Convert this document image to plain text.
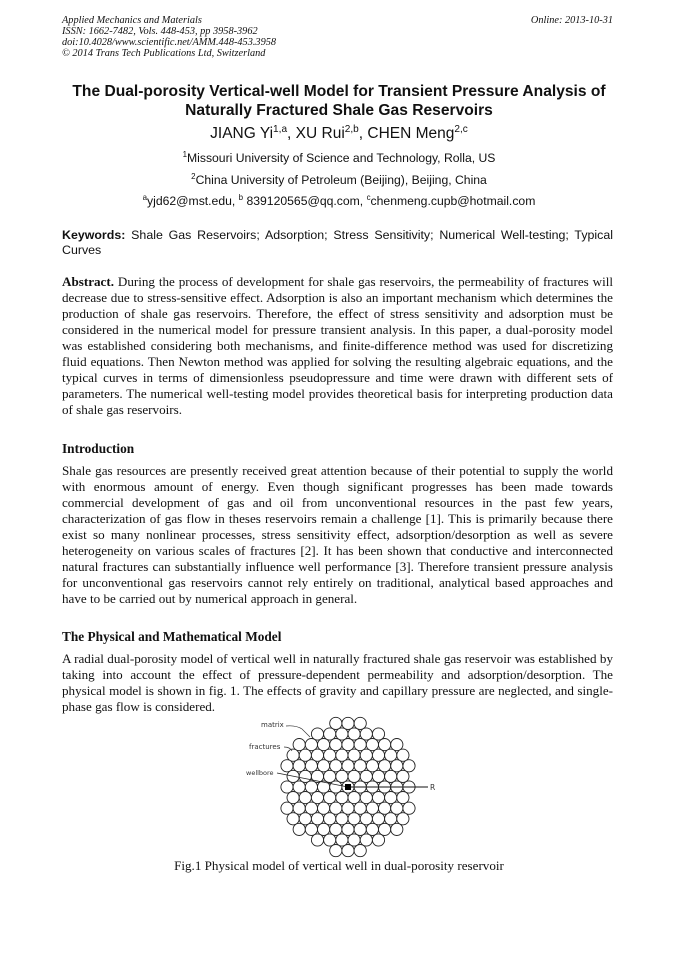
Applied Mechanics and Materials
ISSN: 1662-7482, Vols. 448-453, pp 3958-3962
doi:10.4028/www.scientific.net/AMM.448-453.3958
© 2014 Trans Tech Publications Ltd, Switzerland
Online: 2013-10-31
The Dual-porosity Vertical-well Model for Transient Pressure Analysis of Naturally Fractured Shale Gas Reservoirs
JIANG Yi$^{1,a}$, XU Rui$^{2,b}$, CHEN Meng$^{2,c}$
$^1$Missouri University of Science and Technology, Rolla, US
$^2$China University of Petroleum (Beijing), Beijing, China
$^a$yjd62@mst.edu, $^b$ 839120565@qq.com, $^c$chenmeng.cupb@hotmail.com
Keywords: Shale Gas Reservoirs; Adsorption; Stress Sensitivity; Numerical Well-testing; Typical Curves
Abstract. During the process of development for shale gas reservoirs, the permeability of fractures will decrease due to stress-sensitive effect. Adsorption is also an important mechanism which determines the production of shale gas reservoirs. Therefore, the effect of stress sensitivity and adsorption must be considered in the numerical model for pressure transient analysis. In this paper, a dual-porosity model was established considering both mechanisms, and finite-difference method was used for discretizing fluid equations. Then Newton method was applied for solving the resulting algebraic equations, and the typical curves in terms of dimensionless pseudopressure and time were drawn with different sets of parameters. The numerical well-testing model provides theoretical basis for interpreting production data of shale gas reservoirs.
Introduction
Shale gas resources are presently received great attention because of their potential to supply the world with enormous amount of energy. Even though significant progresses has been made towards commercial development of gas and oil from unconventional resources in the past few years, characterization of gas flow in theses reservoirs remain a challenge [1]. This is primarily because there exist so many nonlinear processes, stress sensitivity effect, adsorption/desorption as well as severe heterogeneity on various scales of fractures [2]. It has been shown that conductive and interconnected natural fractures can substantially influence well performance [3]. Therefore transient pressure analysis for unconventional gas reservoirs cannot rely entirely on traditional, analytical based approaches and have to be carried out by numerical approach in general.
The Physical and Mathematical Model
A radial dual-porosity model of vertical well in naturally fractured shale gas reservoir was established by taking into account the effect of pressure-dependent permeability and adsorption/desorption. The physical model is shown in fig. 1. The effects of gravity and capillary pressure are neglected, and single-phase gas flow is considered.
matrix
fractures
wellbore
R
Fig.1 Physical model of vertical well in dual-porosity reservoir
